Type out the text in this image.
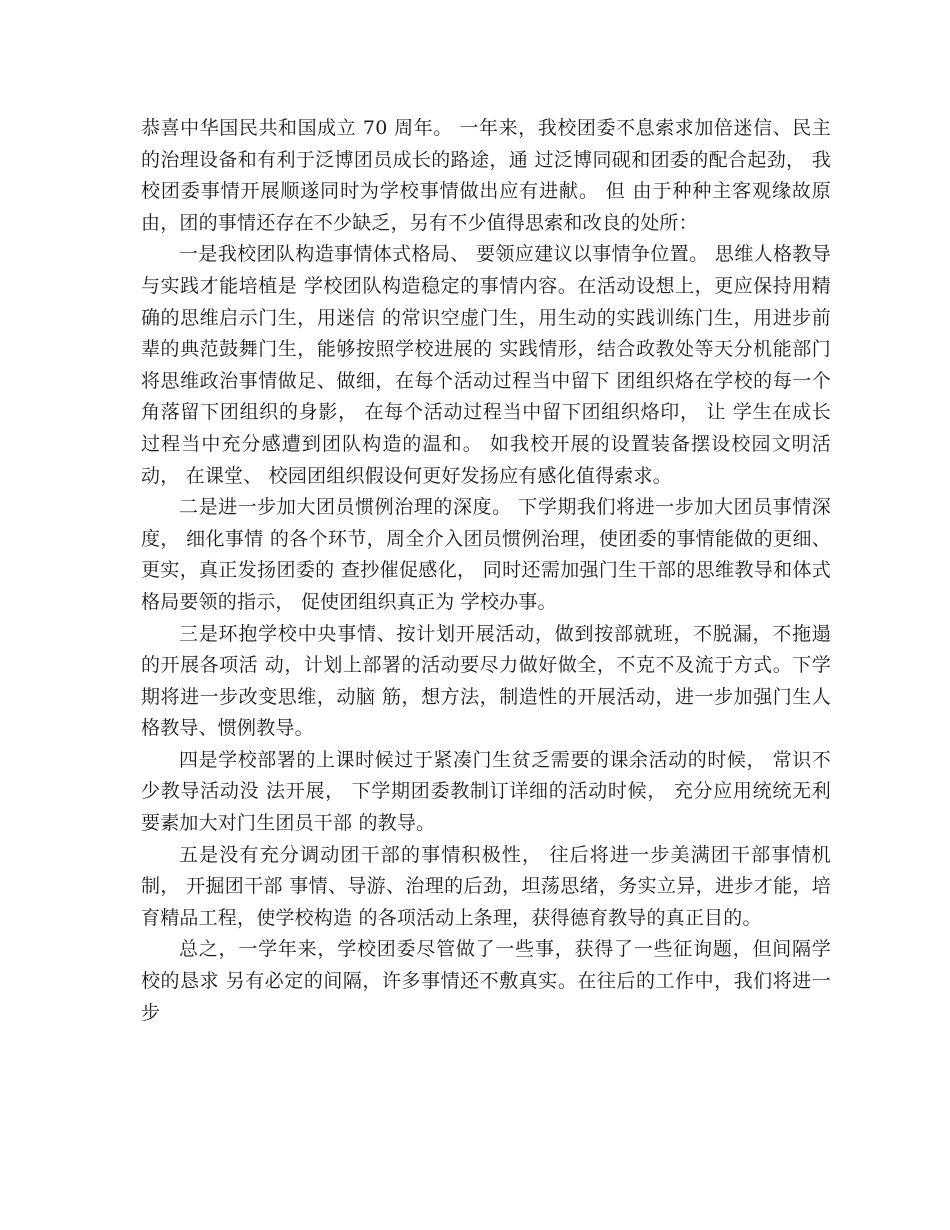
恭喜中华国民共和国成立 70 周年。 一年来，我校团委不息索求加倍迷信、民主的治理设备和有利于泛博团员成长的路途，通 过泛博同砚和团委的配合起劲， 我校团委事情开展顺遂同时为学校事情做出应有进献。 但 由于种种主客观缘故原由，团的事情还存在不少缺乏，另有不少值得思索和改良的处所：

一是我校团队构造事情体式格局、 要领应建议以事情争位置。 思维人格教导与实践才能培植是 学校团队构造稳定的事情内容。在活动设想上，更应保持用精确的思维启示门生，用迷信 的常识空虚门生，用生动的实践训练门生，用进步前辈的典范鼓舞门生，能够按照学校进展的 实践情形，结合政教处等天分机能部门将思维政治事情做足、做细，在每个活动过程当中留下 团组织烙在学校的每一个角落留下团组织的身影， 在每个活动过程当中留下团组织烙印， 让 学生在成长过程当中充分感遭到团队构造的温和。 如我校开展的设置装备摆设校园文明活动， 在课堂、 校园团组织假设何更好发扬应有感化值得索求。

二是进一步加大团员惯例治理的深度。 下学期我们将进一步加大团员事情深度， 细化事情 的各个环节，周全介入团员惯例治理，使团委的事情能做的更细、更实，真正发扬团委的 查抄催促感化， 同时还需加强门生干部的思维教导和体式格局要领的指示， 促使团组织真正为 学校办事。

三是环抱学校中央事情、按计划开展活动，做到按部就班，不脱漏，不拖遢的开展各项活 动，计划上部署的活动要尽力做好做全，不克不及流于方式。下学期将进一步改变思维，动脑 筋，想方法，制造性的开展活动，进一步加强门生人格教导、惯例教导。

四是学校部署的上课时候过于紧凑门生贫乏需要的课余活动的时候， 常识不少教导活动没 法开展， 下学期团委教制订详细的活动时候， 充分应用统统无利要素加大对门生团员干部 的教导。

五是没有充分调动团干部的事情积极性， 往后将进一步美满团干部事情机制， 开掘团干部 事情、导游、治理的后劲，坦荡思绪，务实立异，进步才能，培育精品工程，使学校构造 的各项活动上条理，获得德育教导的真正目的。

总之，一学年来，学校团委尽管做了一些事，获得了一些征询题，但间隔学校的恳求 另有必定的间隔，许多事情还不敷真实。在往后的工作中，我们将进一步
